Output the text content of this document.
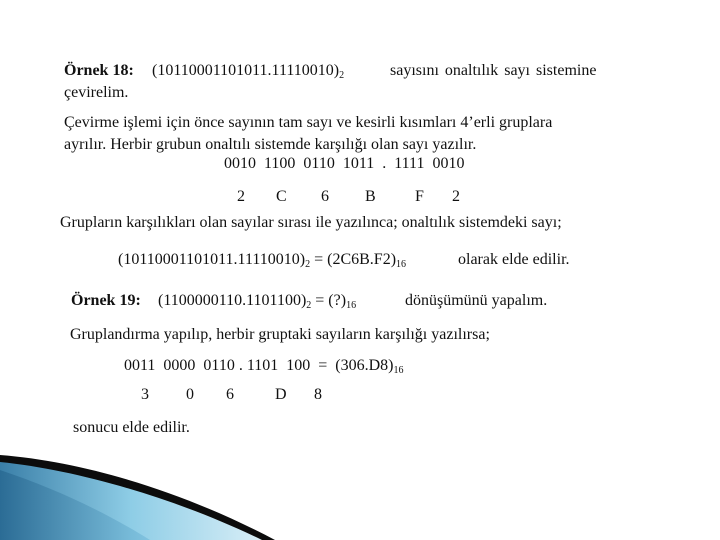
Örnek 18: $(10110001101011.11110010)_2$	sayısını onaltılık sayı sistemine
çevirelim.
Çevirme işlemi için önce sayının tam sayı ve kesirli kısımları 4’erli gruplara
ayrılır. Herbir grubun onaltılı sistemde karşılığı olan sayı yazılır.
0010  1100  0110  1011  .  1111  0010
2 C 6 B F 2
Grupların karşılıkları olan sayılar sırası ile yazılınca; onaltılık sistemdeki sayı;
$(10110001101011.11110010)_2 = (2C6B.F2)_{16}$	olarak elde edilir.
Örnek 19: $(1100000110.1101100)_2$ = $(?)_{16}$	dönüşümünü yapalım.
Gruplandırma yapılıp, herbir gruptaki sayıların karşılığı yazılırsa;
0011  0000  0110 . 1101  $100 = (306.D8)_{16}$
3 0 6	D 8
sonucu elde edilir.
